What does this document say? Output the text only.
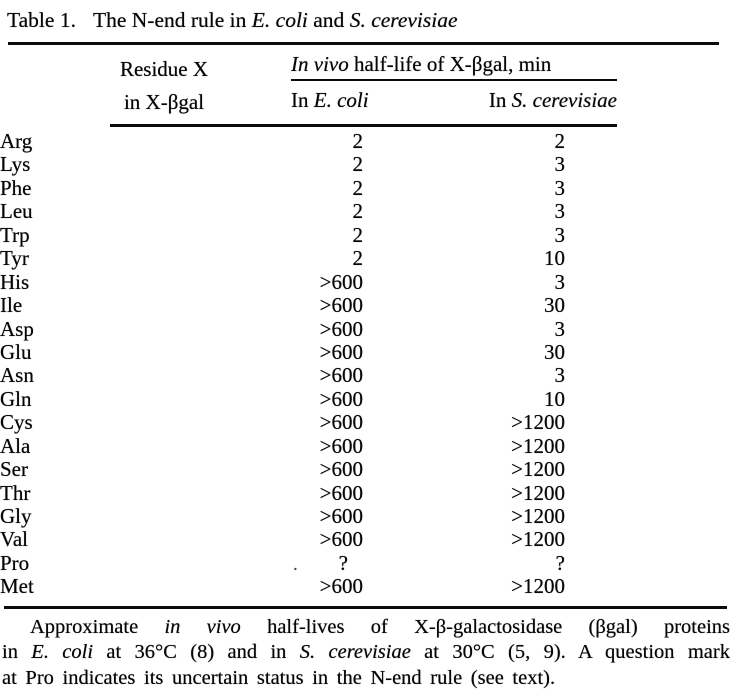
Table 1. The N-end rule in E. coli and S. cerevisiae
Residue X
in X-βgal
In vivo half-life of X-βgal, min
In E. coli	In S. cerevisiae
Arg	2	2
Lys	2	3
Phe	2	3
Leu	2	3
Trp	2	3
Tyr	2	10
His	>600	3
Ile	>600	30
Asp	>600	3
Glu	>600	30
Asn	>600	3
Gln	>600	10
Cys	>600	>1200
Ala	>600	>1200
Ser	>600	>1200
Thr	>600	>1200
Gly	>600	>1200
Val	>600	>1200
Pro	. ?	?
Met	>600	>1200
Approximate in vivo half-lives of X-β-galactosidase (βgal) proteins
in E. coli at 36°C (8) and in S. cerevisiae at 30°C (5, 9). A question mark
at Pro indicates its uncertain status in the N-end rule (see text).
